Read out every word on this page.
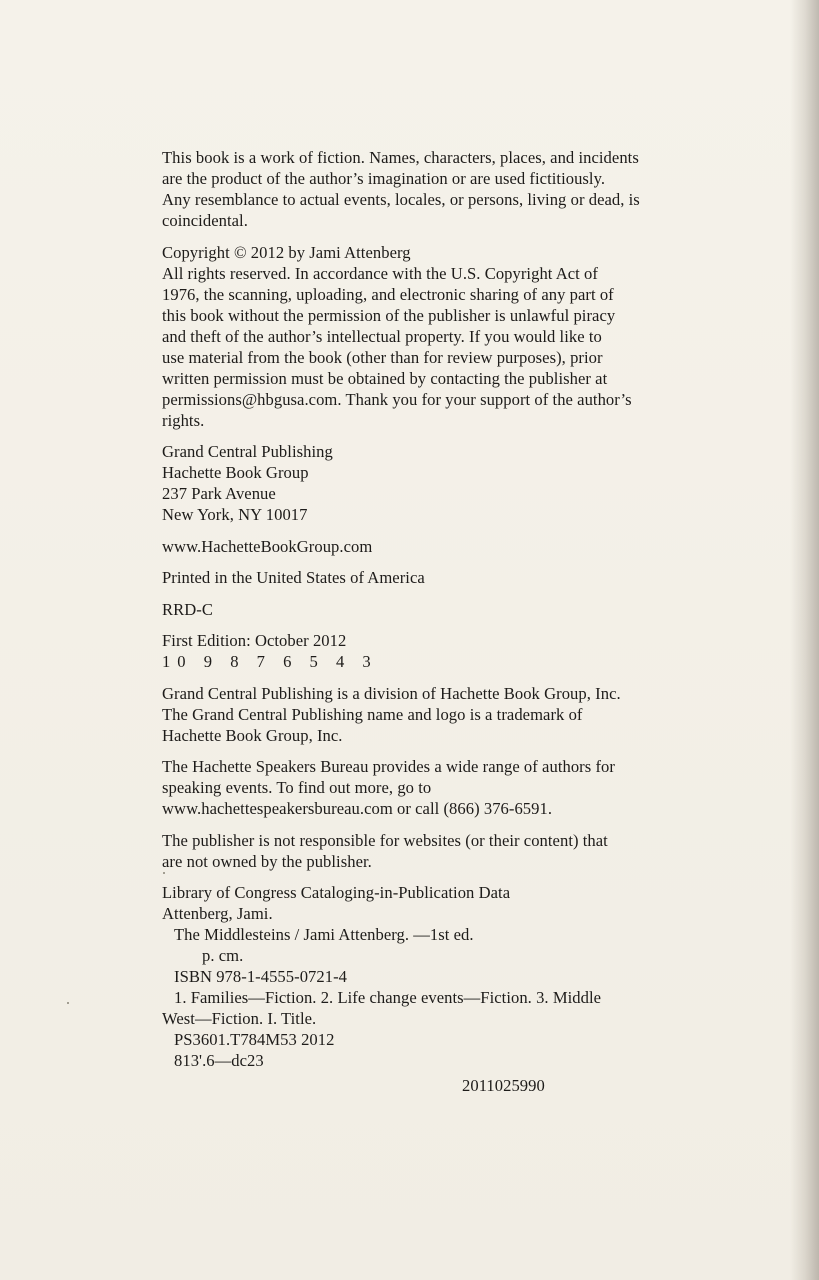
This book is a work of fiction. Names, characters, places, and incidents
are the product of the author’s imagination or are used fictitiously.
Any resemblance to actual events, locales, or persons, living or dead, is
coincidental.
Copyright © 2012 by Jami Attenberg
All rights reserved. In accordance with the U.S. Copyright Act of
1976, the scanning, uploading, and electronic sharing of any part of
this book without the permission of the publisher is unlawful piracy
and theft of the author’s intellectual property. If you would like to
use material from the book (other than for review purposes), prior
written permission must be obtained by contacting the publisher at
permissions@hbgusa.com. Thank you for your support of the author’s
rights.
Grand Central Publishing
Hachette Book Group
237 Park Avenue
New York, NY 10017
www.HachetteBookGroup.com
Printed in the United States of America
RRD-C
First Edition: October 2012
10 9 8 7 6 5 4 3
Grand Central Publishing is a division of Hachette Book Group, Inc.
The Grand Central Publishing name and logo is a trademark of
Hachette Book Group, Inc.
The Hachette Speakers Bureau provides a wide range of authors for
speaking events. To find out more, go to
www.hachettespeakersbureau.com or call (866) 376-6591.
The publisher is not responsible for websites (or their content) that
are not owned by the publisher.
Library of Congress Cataloging-in-Publication Data
Attenberg, Jami.
The Middlesteins / Jami Attenberg. —1st ed.
p. cm.
ISBN 978-1-4555-0721-4
1. Families—Fiction. 2. Life change events—Fiction. 3. Middle
West—Fiction. I. Title.
PS3601.T784M53 2012
813'.6—dc23
2011025990
